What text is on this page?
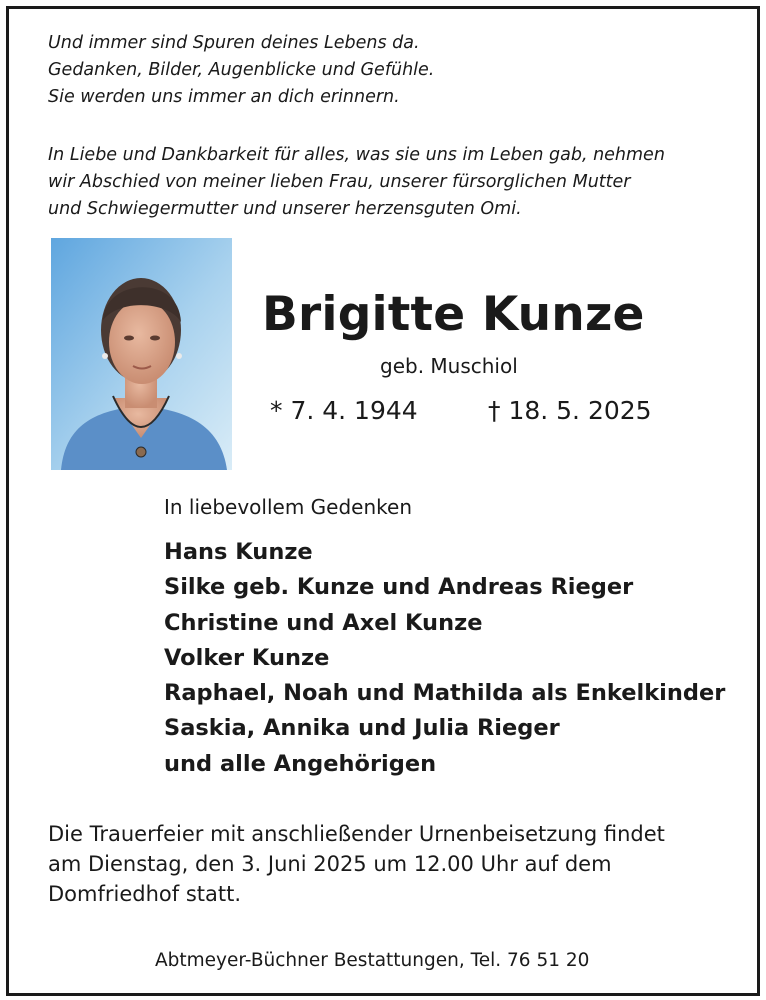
Und immer sind Spuren deines Lebens da.
Gedanken, Bilder, Augenblicke und Gefühle.
Sie werden uns immer an dich erinnern.
In Liebe und Dankbarkeit für alles, was sie uns im Leben gab, nehmen
wir Abschied von meiner lieben Frau, unserer fürsorglichen Mutter
und Schwiegermutter und unserer herzensguten Omi.
Brigitte Kunze
geb. Muschiol
* 7. 4. 1944	† 18. 5. 2025
In liebevollem Gedenken
Hans Kunze
Silke geb. Kunze und Andreas Rieger
Christine und Axel Kunze
Volker Kunze
Raphael, Noah und Mathilda als Enkelkinder
Saskia, Annika und Julia Rieger
und alle Angehörigen
Die Trauerfeier mit anschließender Urnenbeisetzung findet
am Dienstag, den 3. Juni 2025 um 12.00 Uhr auf dem
Domfriedhof statt.
Abtmeyer-Büchner Bestattungen, Tel. 76 51 20
